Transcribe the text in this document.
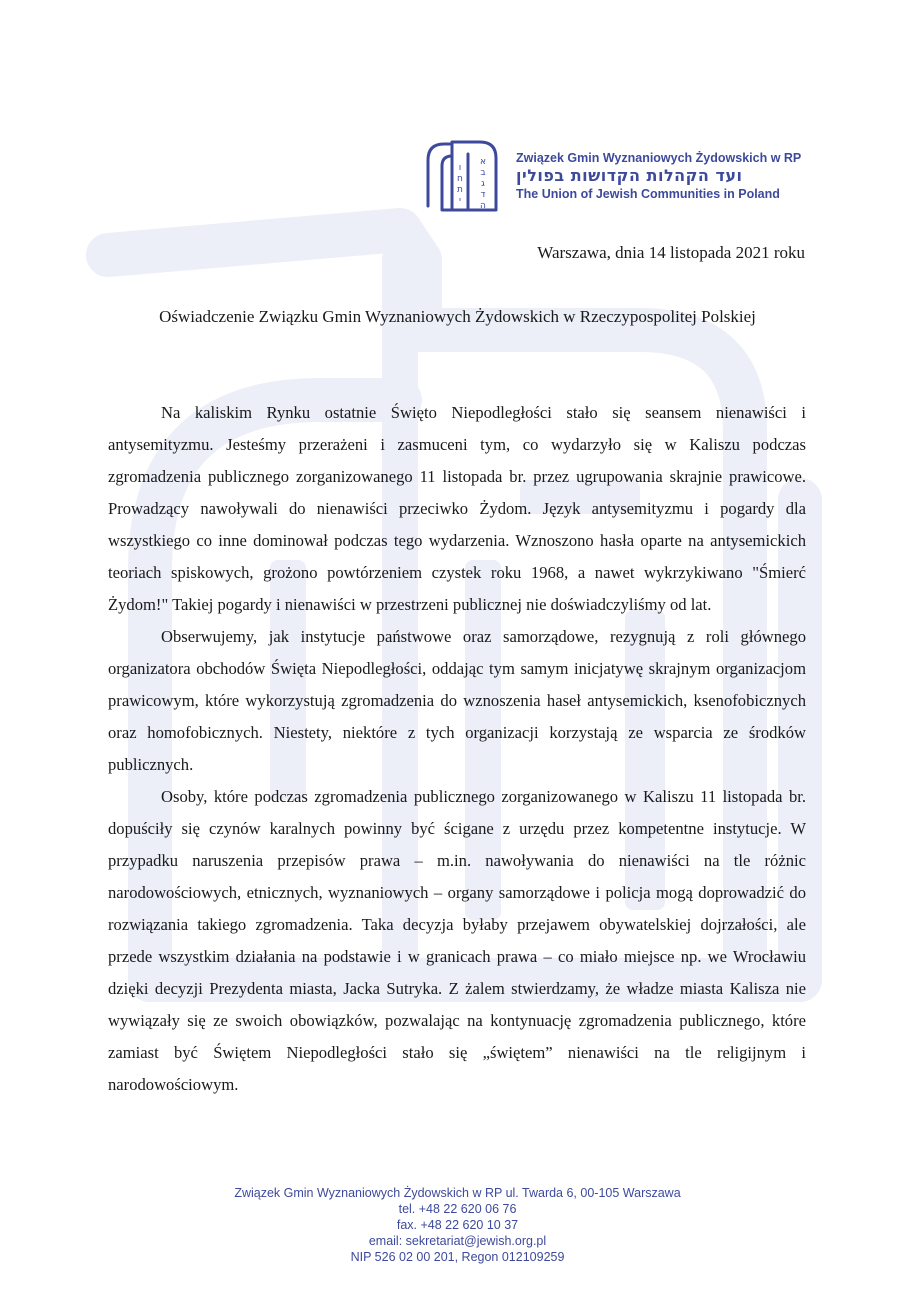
ו
ח
ת
י
א
ב
ג
ד
ה
Związek Gmin Wyznaniowych Żydowskich w RP
ועד הקהלות הקדושות בפולין
The Union of Jewish Communities in Poland
Warszawa, dnia 14 listopada 2021 roku
Oświadczenie Związku Gmin Wyznaniowych Żydowskich w Rzeczypospolitej Polskiej

Na kaliskim Rynku ostatnie Święto Niepodległości stało się seansem nienawiści i antysemityzmu. Jesteśmy przerażeni i zasmuceni tym, co wydarzyło się w Kaliszu podczas zgromadzenia publicznego zorganizowanego 11 listopada br. przez ugrupowania skrajnie prawicowe. Prowadzący nawoływali do nienawiści przeciwko Żydom. Język antysemityzmu i pogardy dla wszystkiego co inne dominował podczas tego wydarzenia. Wznoszono hasła oparte na antysemickich teoriach spiskowych, grożono powtórzeniem czystek roku 1968, a nawet wykrzykiwano "Śmierć Żydom!" Takiej pogardy i nienawiści w przestrzeni publicznej nie doświadczyliśmy od lat.

Obserwujemy, jak instytucje państwowe oraz samorządowe, rezygnują z roli głównego organizatora obchodów Święta Niepodległości, oddając tym samym inicjatywę skrajnym organizacjom prawicowym, które wykorzystują zgromadzenia do wznoszenia haseł antysemickich, ksenofobicznych oraz homofobicznych. Niestety, niektóre z tych organizacji korzystają ze wsparcia ze środków publicznych.

Osoby, które podczas zgromadzenia publicznego zorganizowanego w Kaliszu 11 listopada br. dopuściły się czynów karalnych powinny być ścigane z urzędu przez kompetentne instytucje. W przypadku naruszenia przepisów prawa – m.in. nawoływania do nienawiści na tle różnic narodowościowych, etnicznych, wyznaniowych – organy samorządowe i policja mogą doprowadzić do rozwiązania takiego zgromadzenia. Taka decyzja byłaby przejawem obywatelskiej dojrzałości, ale przede wszystkim działania na podstawie i w granicach prawa – co miało miejsce np. we Wrocławiu dzięki decyzji Prezydenta miasta, Jacka Sutryka. Z żalem stwierdzamy, że władze miasta Kalisza nie wywiązały się ze swoich obowiązków, pozwalając na kontynuację zgromadzenia publicznego, które zamiast być Świętem Niepodległości stało się „świętem” nienawiści na tle religijnym i narodowościowym.

Związek Gmin Wyznaniowych Żydowskich w RP ul. Twarda 6, 00-105 Warszawa
tel. +48 22 620 06 76
fax. +48 22 620 10 37
email: sekretariat@jewish.org.pl
NIP 526 02 00 201, Regon 012109259
